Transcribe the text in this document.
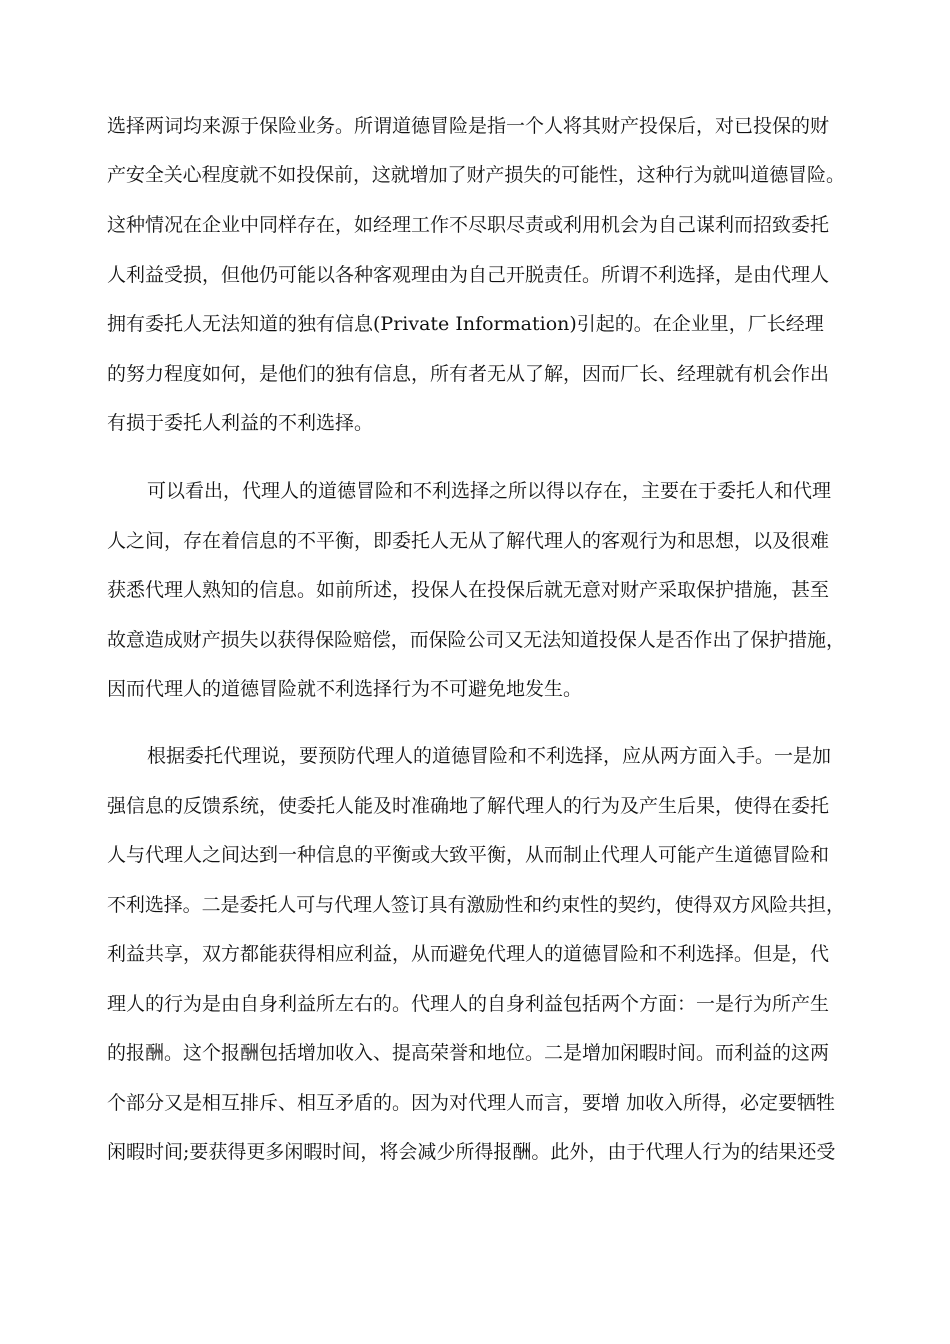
选择两词均来源于保险业务。所谓道德冒险是指一个人将其财产投保后，对已投保的财
产安全关心程度就不如投保前，这就增加了财产损失的可能性，这种行为就叫道德冒险。
这种情况在企业中同样存在，如经理工作不尽职尽责或利用机会为自己谋利而招致委托
人利益受损，但他仍可能以各种客观理由为自己开脱责任。所谓不利选择，是由代理人
拥有委托人无法知道的独有信息(Private Information)引起的。在企业里，厂长经理
的努力程度如何，是他们的独有信息，所有者无从了解，因而厂长、经理就有机会作出
有损于委托人利益的不利选择。
可以看出，代理人的道德冒险和不利选择之所以得以存在，主要在于委托人和代理
人之间，存在着信息的不平衡，即委托人无从了解代理人的客观行为和思想，以及很难
获悉代理人熟知的信息。如前所述，投保人在投保后就无意对财产采取保护措施，甚至
故意造成财产损失以获得保险赔偿，而保险公司又无法知道投保人是否作出了保护措施，
因而代理人的道德冒险就不利选择行为不可避免地发生。
根据委托代理说，要预防代理人的道德冒险和不利选择，应从两方面入手。一是加
强信息的反馈系统，使委托人能及时准确地了解代理人的行为及产生后果，使得在委托
人与代理人之间达到一种信息的平衡或大致平衡，从而制止代理人可能产生道德冒险和
不利选择。二是委托人可与代理人签订具有激励性和约束性的契约，使得双方风险共担，
利益共享，双方都能获得相应利益，从而避免代理人的道德冒险和不利选择。但是，代
理人的行为是由自身利益所左右的。代理人的自身利益包括两个方面：一是行为所产生
的报酬。这个报酬包括增加收入、提高荣誉和地位。二是增加闲暇时间。而利益的这两
个部分又是相互排斥、相互矛盾的。因为对代理人而言，要增 加收入所得，必定要牺牲
闲暇时间;要获得更多闲暇时间，将会减少所得报酬。此外，由于代理人行为的结果还受
